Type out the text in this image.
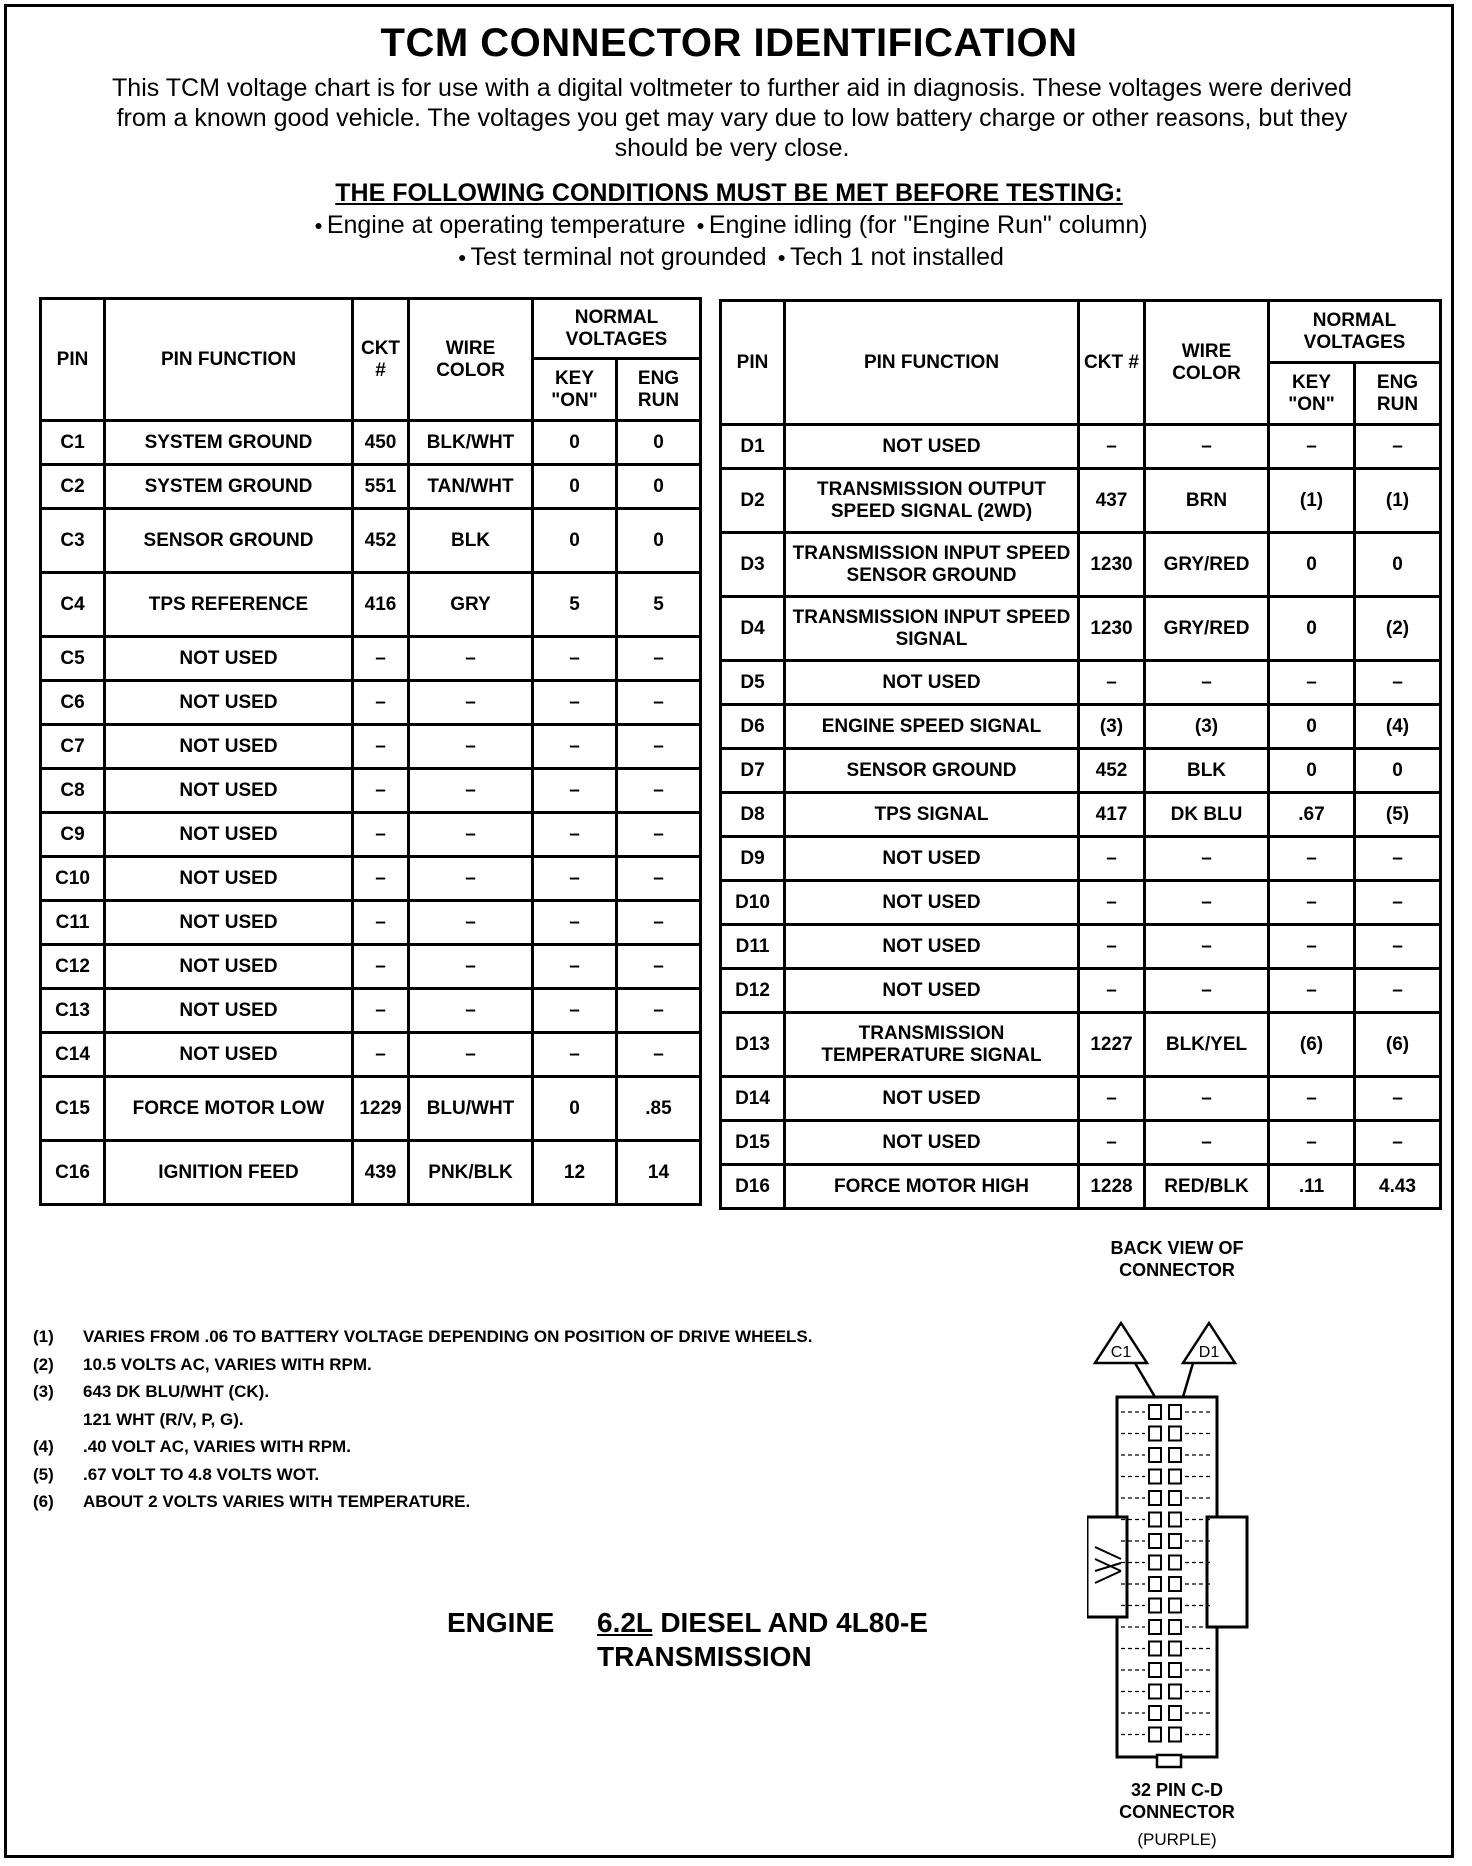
TCM CONNECTOR IDENTIFICATION
This TCM voltage chart is for use with a digital voltmeter to further aid in diagnosis. These voltages were derived from a known good vehicle. The voltages you get may vary due to low battery charge or other reasons, but they should be very close.
THE FOLLOWING CONDITIONS MUST BE MET BEFORE TESTING:
● Engine at operating temperature ● Engine idling (for "Engine Run" column)
● Test terminal not grounded ● Tech 1 not installed
PIN	PIN FUNCTION	CKT #	WIRE COLOR	NORMAL VOLTAGES	
				KEY "ON"	ENG RUN
C1	SYSTEM GROUND	450	BLK/WHT	0	0
C2	SYSTEM GROUND	551	TAN/WHT	0	0
C3	SENSOR GROUND	452	BLK	0	0
C4	TPS REFERENCE	416	GRY	5	5
C5	NOT USED	–	–	–	–
C6	NOT USED	–	–	–	–
C7	NOT USED	–	–	–	–
C8	NOT USED	–	–	–	–
C9	NOT USED	–	–	–	–
C10	NOT USED	–	–	–	–
C11	NOT USED	–	–	–	–
C12	NOT USED	–	–	–	–
C13	NOT USED	–	–	–	–
C14	NOT USED	–	–	–	–
C15	FORCE MOTOR LOW	1229	BLU/WHT	0	.85
C16	IGNITION FEED	439	PNK/BLK	12	14
PIN	PIN FUNCTION	CKT #	WIRE COLOR	NORMAL VOLTAGES	
				KEY "ON"	ENG RUN
D1	NOT USED	–	–	–	–
D2	TRANSMISSION OUTPUT SPEED SIGNAL (2WD)	437	BRN	(1)	(1)
D3	TRANSMISSION INPUT SPEED SENSOR GROUND	1230	GRY/RED	0	0
D4	TRANSMISSION INPUT SPEED SIGNAL	1230	GRY/RED	0	(2)
D5	NOT USED	–	–	–	–
D6	ENGINE SPEED SIGNAL	(3)	(3)	0	(4)
D7	SENSOR GROUND	452	BLK	0	0
D8	TPS SIGNAL	417	DK BLU	.67	(5)
D9	NOT USED	–	–	–	–
D10	NOT USED	–	–	–	–
D11	NOT USED	–	–	–	–
D12	NOT USED	–	–	–	–
D13	TRANSMISSION TEMPERATURE SIGNAL	1227	BLK/YEL	(6)	(6)
D14	NOT USED	–	–	–	–
D15	NOT USED	–	–	–	–
D16	FORCE MOTOR HIGH	1228	RED/BLK	.11	4.43
BACK VIEW OF CONNECTOR
(1) VARIES FROM .06 TO BATTERY VOLTAGE DEPENDING ON POSITION OF DRIVE WHEELS.
(2) 10.5 VOLTS AC, VARIES WITH RPM.
(3) 643 DK BLU/WHT (CK).
121 WHT (R/V, P, G).
(4) .40 VOLT AC, VARIES WITH RPM.
(5) .67 VOLT TO 4.8 VOLTS WOT.
(6) ABOUT 2 VOLTS VARIES WITH TEMPERATURE.
ENGINE 6.2L DIESEL AND 4L80-E
TRANSMISSION
C1	D1
32 PIN C-D CONNECTOR
(PURPLE)
